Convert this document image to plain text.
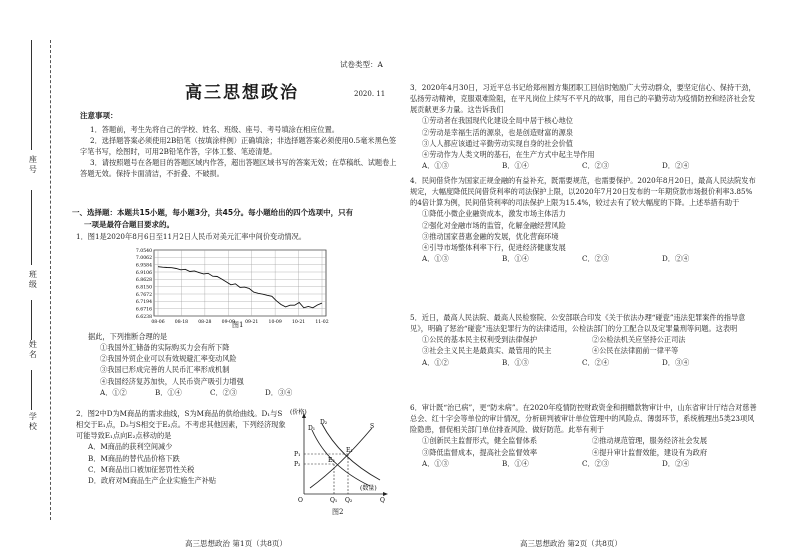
座号
班级
姓名
学校
试卷类型：A
高三思想政治	2020. 11
注意事项：

1．答题前，考生先将自己的学校、姓名、班级、座号、考号填涂在相应位置。

2．选择题答案必须使用2B铅笔（按填涂样例）正确填涂；非选择题答案必须使用0.5毫米黑色签字笔书写，绘图时，可用2B铅笔作答，字体工整、笔迹清楚。

3．请按照题号在各题目的答题区域内作答，超出答题区域书写的答案无效；在草稿纸、试题卷上答题无效。保持卡面清洁，不折叠、不破损。

一、选择题：本题共15小题，每小题3分，共45分。每小题给出的四个选项中，只有
一项是最符合题目要求的。
1．图1是2020年8月6日至11月2日人民币对美元汇率中间价变动情况。
7.0540
7.0062
6.9584
6.9106
6.8628
6.8150
6.7672
6.7194
6.6716
6.6238
08-06 08-18 08-28 09-09 09-21 10-09 10-21 11-02
图1
据此，下列推断合理的是
①我国外汇储备的实际购买力会有所下降
②我国外贸企业可以有效规避汇率变动风险
③我国已形成完善的人民币汇率形成机制
④我国经济复苏加快，人民币资产吸引力增强
A．①②	B．①④	C．②③	D．③④
2．图2中D为M商品的需求曲线，S为M商品的供给曲线。D₁与S相交于E₁点，D₂与S相交于E₂点。不考虑其他因素，下列经济现象可能导致E₁点向E₂点移动的是
A．M商品的获利空间减少
B．M商品的替代品价格下跌
C．M商品出口被加征惩罚性关税
D．政府对M商品生产企业实施生产补贴
(价格)
(数量)
P₁
P₂
D₁
D₂
S
E₁
E₂
O	Q₁ Q₂	Q
图2
3．2020年4月30日，习近平总书记给郑州圆方集团职工回信时勉励广大劳动群众，要坚定信心、保持干劲，弘扬劳动精神，克服艰难险阻，在平凡岗位上续写不平凡的故事，用自己的辛勤劳动为疫情防控和经济社会发展贡献更多力量。这告诉我们
①劳动者在我国现代化建设全局中居于核心地位
②劳动是幸福生活的源泉，也是创造财富的源泉
③人人都应该通过辛勤劳动实现自身的社会价值
④劳动作为人类文明的基石，在生产方式中起主导作用
A．①③	B．①④	C．②③	D．②④
4．民间借贷作为国家正规金融的有益补充，既需要规范，也需要保护。2020年8月20日，最高人民法院发布规定，大幅度降低民间借贷利率的司法保护上限，以2020年7月20日发布的一年期贷款市场报价利率3.85%的4倍计算为例，民间借贷利率的司法保护上限为15.4%，较过去有了较大幅度的下降。上述举措有助于
①降低小微企业融资成本，激发市场主体活力
②强化对金融市场的监管，化解金融经营风险
③推动国家普惠金融的发展，优化营商环境
④引导市场整体利率下行，促进经济健康发展
A．①③	B．①④	C．②③	D．②④
5．近日，最高人民法院、最高人民检察院、公安部联合印发《关于依法办理“碰瓷”违法犯罪案件的指导意见》，明确了惩治“碰瓷”违法犯罪行为的法律适用，公检法部门的分工配合以及定罪量刑等问题。这表明
①公民的基本民主权利受到法律保护	②公检法机关应坚持公正司法
③社会主义民主是最真实、最管用的民主	④公民在法律面前一律平等
A．①②	B．①③	C．②④	D．③④
6．审计既“治已病”，更“防未病”。在2020年疫情防控财政资金和捐赠款物审计中，山东省审计厅结合对慈善总会、红十字会等单位的审计情况，分析研判被审计单位管理中的风险点、薄弱环节，系统梳理出5类23项风险隐患，督促相关部门单位排查风险、做好防范。此举有利于
①创新民主监督形式，健全监督体系	②推动规范管理，服务经济社会发展
③降低监督成本，提高社会监督效率	④提升审计监督效能，建设有为政府
A．①③	B．①④	C．②③	D．②④
高三思想政治 第1页（共8页）	高三思想政治 第2页（共8页）
